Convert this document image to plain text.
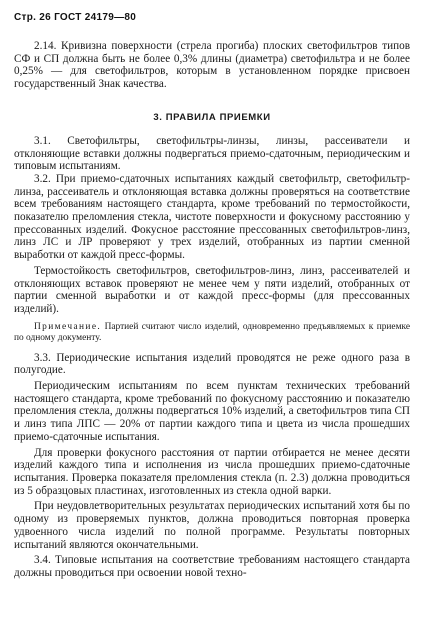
Стр. 26 ГОСТ 24179—80

2.14. Кривизна поверхности (стрела прогиба) плоских светофильтров типов СФ и СП должна быть не более 0,3% длины (диаметра) светофильтра и не более 0,25% — для светофильтров, которым в установленном порядке присвоен государственный Знак качества.

3. ПРАВИЛА ПРИЕМКИ

3.1. Светофильтры, светофильтры-линзы, линзы, рассеиватели и отклоняющие вставки должны подвергаться приемо-сдаточным, периодическим и типовым испытаниям.

3.2. При приемо-сдаточных испытаниях каждый светофильтр, светофильтр-линза, рассеиватель и отклоняющая вставка должны проверяться на соответствие всем требованиям настоящего стандарта, кроме требований по термостойкости, показателю преломления стекла, чистоте поверхности и фокусному расстоянию у прессованных изделий. Фокусное расстояние прессованных светофильтров-линз, линз ЛС и ЛР проверяют у трех изделий, отобранных из партии сменной выработки от каждой пресс-формы.

Термостойкость светофильтров, светофильтров-линз, линз, рассеивателей и отклоняющих вставок проверяют не менее чем у пяти изделий, отобранных от партии сменной выработки и от каждой пресс-формы (для прессованных изделий).

Примечание. Партией считают число изделий, одновременно предъявляемых к приемке по одному документу.

3.3. Периодические испытания изделий проводятся не реже одного раза в полугодие.

Периодическим испытаниям по всем пунктам технических требований настоящего стандарта, кроме требований по фокусному расстоянию и показателю преломления стекла, должны подвергаться 10% изделий, а светофильтров типа СП и линз типа ЛПС — 20% от партии каждого типа и цвета из числа прошедших приемо-сдаточные испытания.

Для проверки фокусного расстояния от партии отбирается не менее десяти изделий каждого типа и исполнения из числа прошедших приемо-сдаточные испытания. Проверка показателя преломления стекла (п. 2.3) должна проводиться из 5 образцовых пластинах, изготовленных из стекла одной варки.

При неудовлетворительных результатах периодических испытаний хотя бы по одному из проверяемых пунктов, должна проводиться повторная проверка удвоенного числа изделий по полной программе. Результаты повторных испытаний являются окончательными.

3.4. Типовые испытания на соответствие требованиям настоящего стандарта должны проводиться при освоении новой техно-
